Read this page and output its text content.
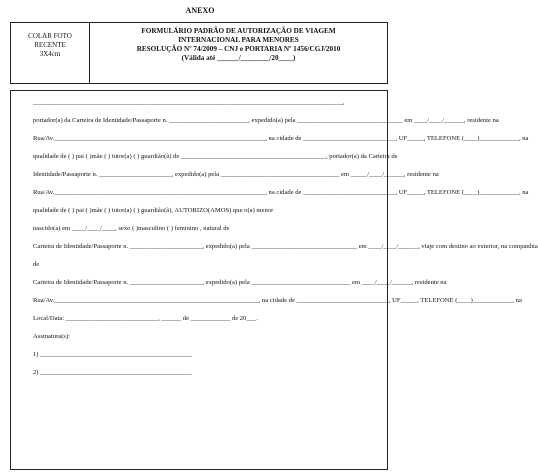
ANEXO
COLAR FOTO
RECENTE
3X4cm
FORMULÁRIO PADRÃO DE AUTORIZAÇÃO DE VIAGEM
INTERNACIONAL PARA MENORES
RESOLUÇÃO Nº 74/2009 – CNJ e PORTARIA Nº 1456/CGJ/2010
(Válida até ______/________/20____)
______________________________________________________________________________________________,
portador(a) da Carteira de Identidade/Passaporte n. ________________________, expedido(a) pela ________________________________ em ____/____/______, residente na
Rua/Av.________________________________________________________________, na cidade de ____________________________, UF_____, TELEFONE (____)____________, na
qualidade de ( ) pai ( )mãe ( ) tutor(a) ( ) guardião(ã) de ____________________________________________, portador(a) da Carteira de
Identidade/Passaporte n. ______________________, expedido(a) pela ____________________________________ em _____/____/______, residente na
Rua/Av.________________________________________________________________, na cidade de ____________________________, UF_____, TELEFONE (____)____________, na
qualidade de ( ) pai ( )mãe ( ) tutor(a) ( ) guardião(ã), AUTORIZO(AMOS) que o(a) menor
nascido(a) em ____/____/____, sexo ( )masculino ( ) feminino , natural de
Carteira de Identidade/Passaporte n. ______________________, expedido(a) pela ________________________________ em ____/____/______, viaje com destino ao exterior, na companhia
de
Carteira de Identidade/Passaporte n. ______________________, expedido(a) pela ______________________________ em ____/____/______, residente na
Rua/Av.______________________________________________________________, na cidade de ____________________________, UF_____, TELEFONE (____)____________, na
Local/Data: ____________________________, ______ de ____________ de 20___.
Assinatura(s):
1) ______________________________________________
2) ______________________________________________
